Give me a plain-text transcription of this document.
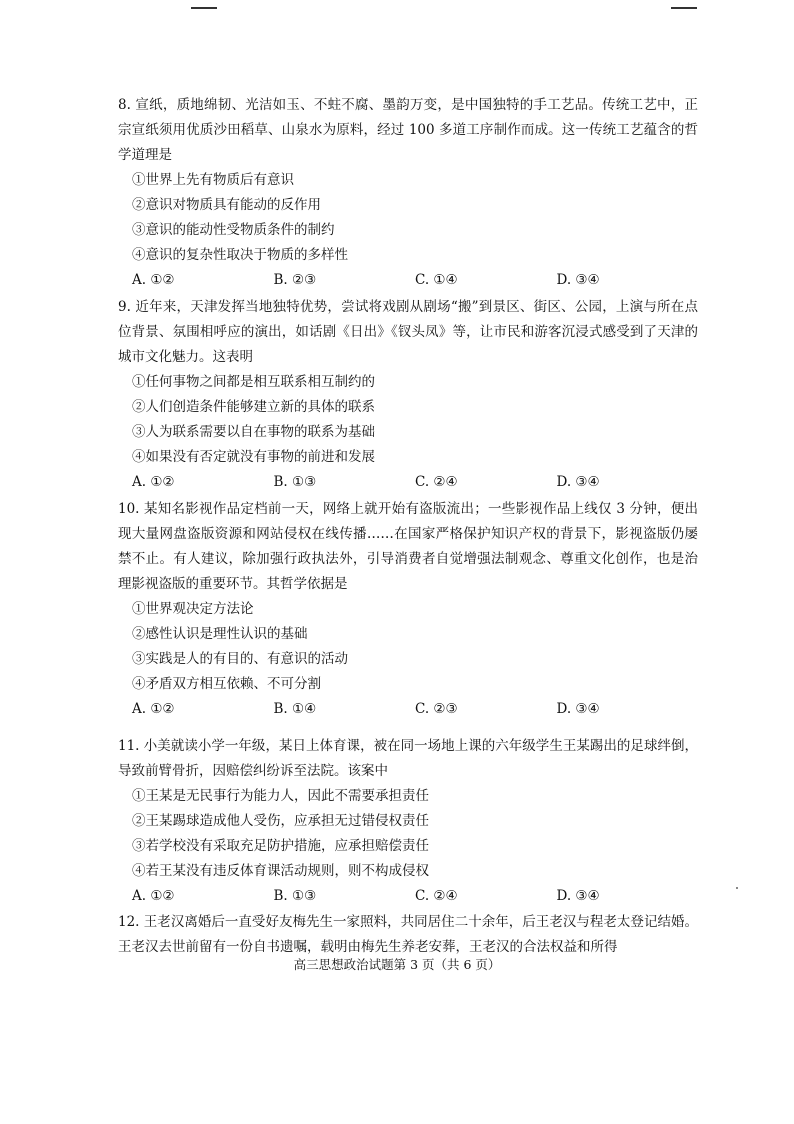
8. 宣纸，质地绵韧、光洁如玉、不蛀不腐、墨韵万变，是中国独特的手工艺品。传统工艺中，正宗宣纸须用优质沙田稻草、山泉水为原料，经过 100 多道工序制作而成。这一传统工艺蕴含的哲学道理是

①世界上先有物质后有意识

②意识对物质具有能动的反作用

③意识的能动性受物质条件的制约

④意识的复杂性取决于物质的多样性

A. ①②	B. ②③	C. ①④	D. ③④

9. 近年来，天津发挥当地独特优势，尝试将戏剧从剧场“搬”到景区、街区、公园，上演与所在点位背景、氛围相呼应的演出，如话剧《日出》《钗头凤》等，让市民和游客沉浸式感受到了天津的城市文化魅力。这表明

①任何事物之间都是相互联系相互制约的

②人们创造条件能够建立新的具体的联系

③人为联系需要以自在事物的联系为基础

④如果没有否定就没有事物的前进和发展

A. ①②	B. ①③	C. ②④	D. ③④

10. 某知名影视作品定档前一天，网络上就开始有盗版流出；一些影视作品上线仅 3 分钟，便出现大量网盘盗版资源和网站侵权在线传播……在国家严格保护知识产权的背景下，影视盗版仍屡禁不止。有人建议，除加强行政执法外，引导消费者自觉增强法制观念、尊重文化创作，也是治理影视盗版的重要环节。其哲学依据是

①世界观决定方法论

②感性认识是理性认识的基础

③实践是人的有目的、有意识的活动

④矛盾双方相互依赖、不可分割

A. ①②	B. ①④	C. ②③	D. ③④

11. 小美就读小学一年级，某日上体育课，被在同一场地上课的六年级学生王某踢出的足球绊倒，导致前臂骨折，因赔偿纠纷诉至法院。该案中

①王某是无民事行为能力人，因此不需要承担责任

②王某踢球造成他人受伤，应承担无过错侵权责任

③若学校没有采取充足防护措施，应承担赔偿责任

④若王某没有违反体育课活动规则，则不构成侵权

A. ①②	B. ①③	C. ②④	D. ③④

12. 王老汉离婚后一直受好友梅先生一家照料，共同居住二十余年，后王老汉与程老太登记结婚。王老汉去世前留有一份自书遗嘱，载明由梅先生养老安葬，王老汉的合法权益和所得

高三思想政治试题第 3 页（共 6 页）
